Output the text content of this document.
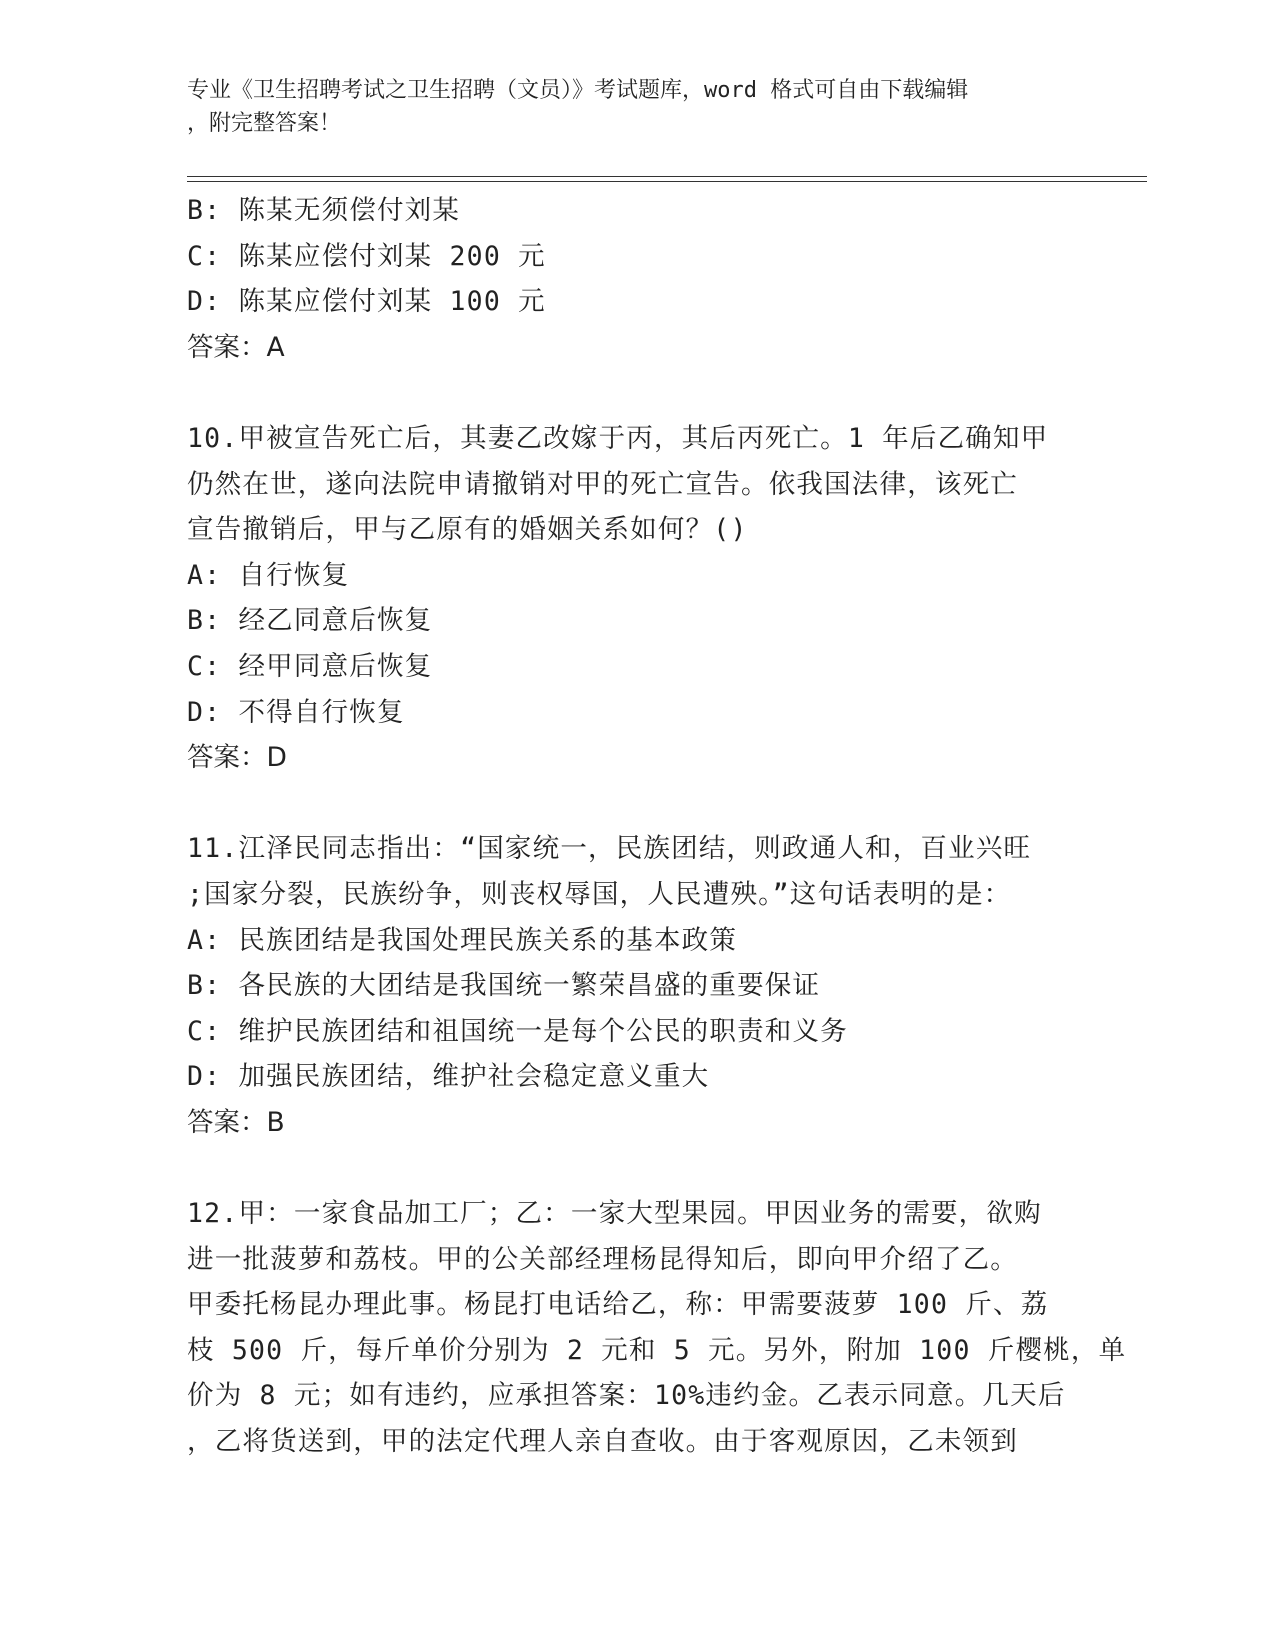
专业《卫生招聘考试之卫生招聘（文员）》考试题库，word 格式可自由下载编辑
，附完整答案！
B: 陈某无须偿付刘某
C: 陈某应偿付刘某 200 元
D: 陈某应偿付刘某 100 元
答案：A
10.甲被宣告死亡后，其妻乙改嫁于丙，其后丙死亡。1 年后乙确知甲
仍然在世，遂向法院申请撤销对甲的死亡宣告。依我国法律，该死亡
宣告撤销后，甲与乙原有的婚姻关系如何？()
A: 自行恢复
B: 经乙同意后恢复
C: 经甲同意后恢复
D: 不得自行恢复
答案：D
11.江泽民同志指出：“国家统一，民族团结，则政通人和，百业兴旺
;国家分裂，民族纷争，则丧权辱国，人民遭殃。”这句话表明的是：
A: 民族团结是我国处理民族关系的基本政策
B: 各民族的大团结是我国统一繁荣昌盛的重要保证
C: 维护民族团结和祖国统一是每个公民的职责和义务
D: 加强民族团结，维护社会稳定意义重大
答案：B
12.甲：一家食品加工厂；乙：一家大型果园。甲因业务的需要，欲购
进一批菠萝和荔枝。甲的公关部经理杨昆得知后，即向甲介绍了乙。
甲委托杨昆办理此事。杨昆打电话给乙，称：甲需要菠萝 100 斤、荔
枝 500 斤，每斤单价分别为 2 元和 5 元。另外，附加 100 斤樱桃，单
价为 8 元；如有违约，应承担答案：10%违约金。乙表示同意。几天后
，乙将货送到，甲的法定代理人亲自查收。由于客观原因，乙未领到
